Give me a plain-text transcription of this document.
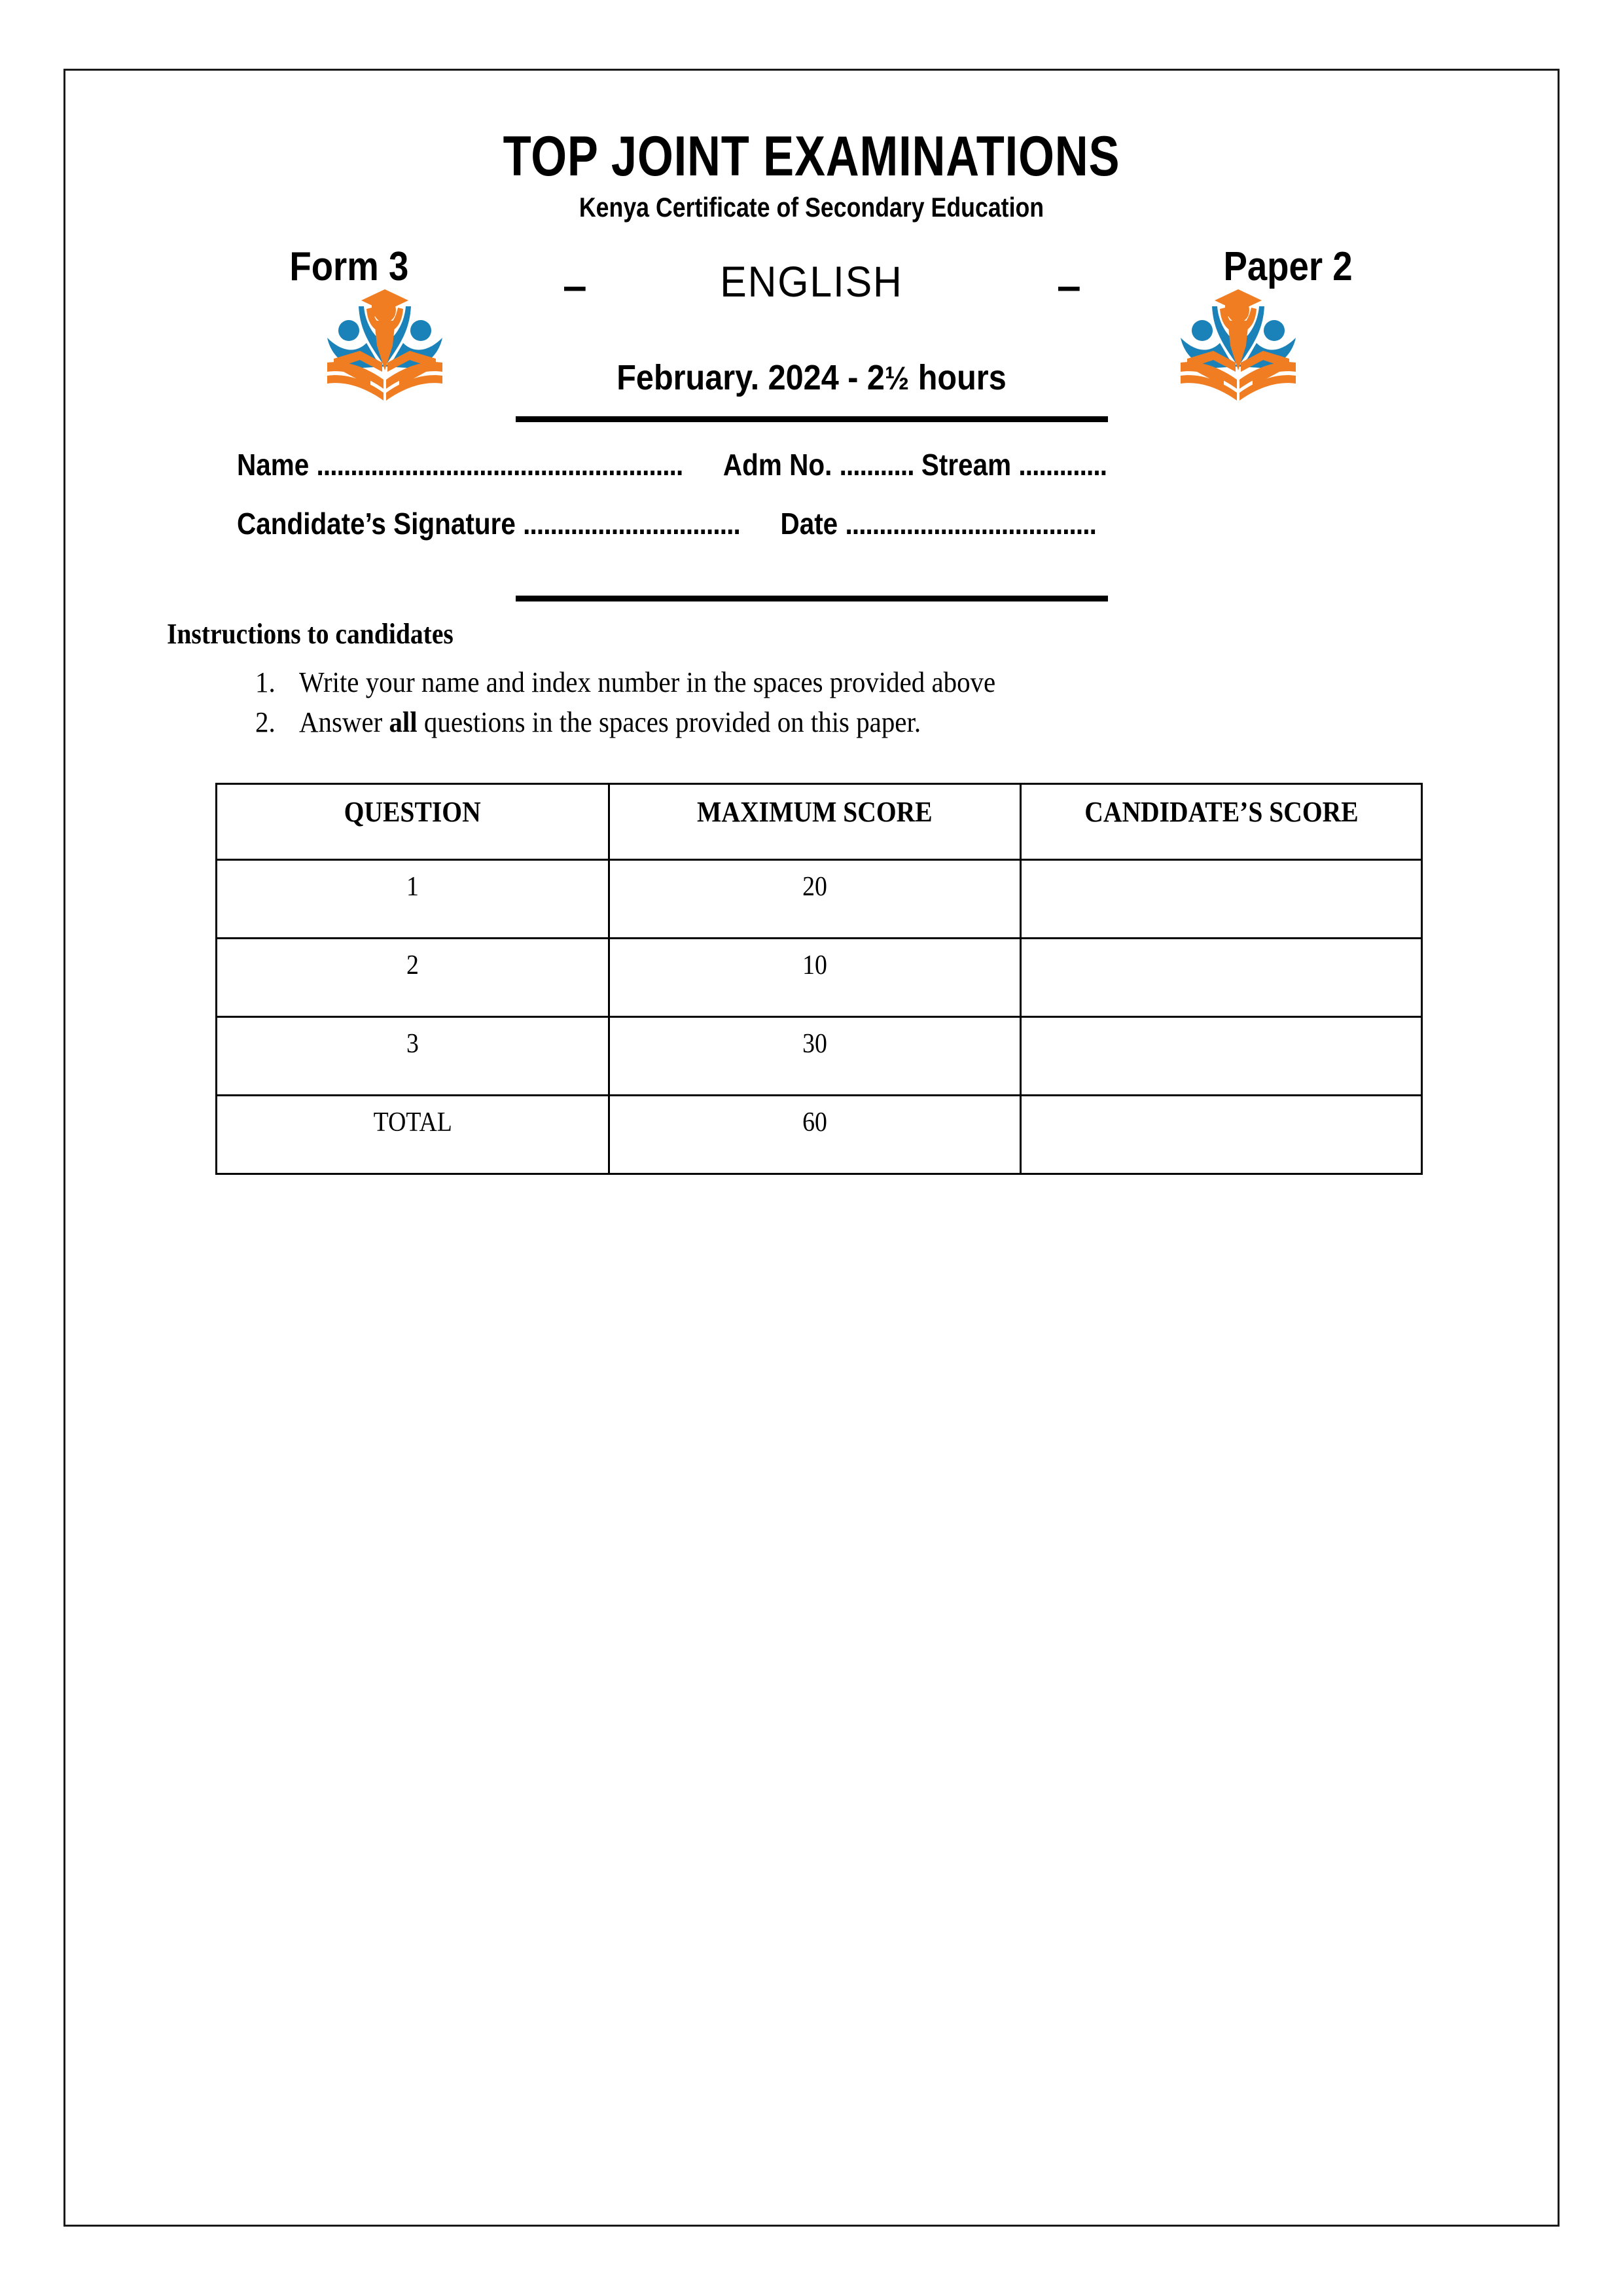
TOP JOINT EXAMINATIONS
Kenya Certificate of Secondary Education
Form 3	–	ENGLISH	–	Paper 2
February. 2024 - 2½ hours
Name ...................................................... Adm No. ........... Stream .............
Candidate’s Signature ................................ Date .....................................
Instructions to candidates
1. Write your name and index number in the spaces provided above
2. Answer all questions in the spaces provided on this paper.
QUESTION	MAXIMUM SCORE	CANDIDATE’S SCORE
1	20	
2	10	
3	30	
TOTAL	60	
